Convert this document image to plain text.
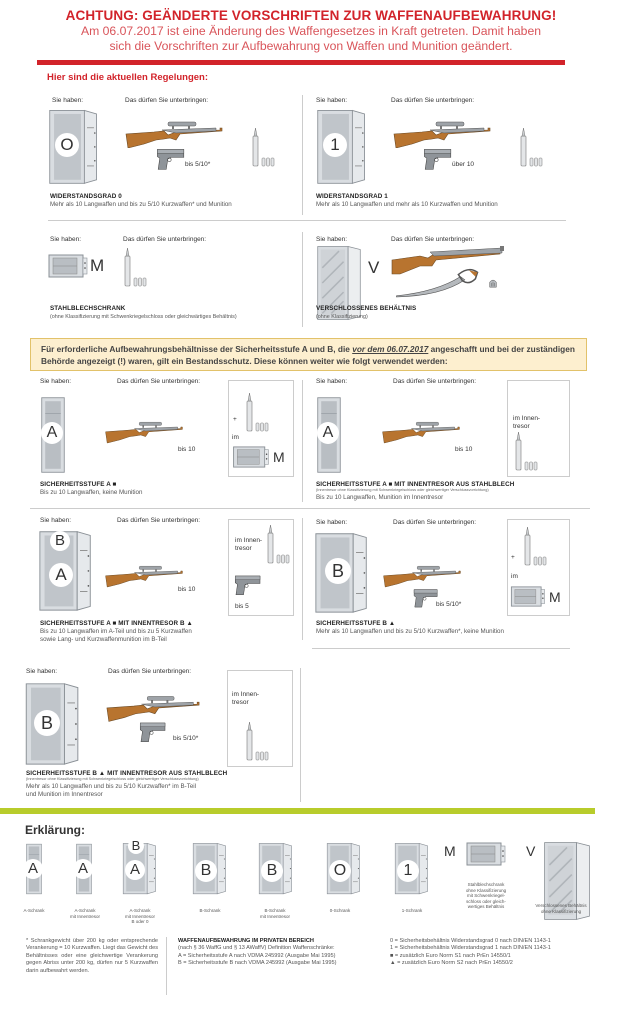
ACHTUNG: GEÄNDERTE VORSCHRIFTEN ZUR WAFFENAUFBEWAHRUNG!
Am 06.07.2017 ist eine Änderung des Waffengesetzes in Kraft getreten. Damit haben
sich die Vorschriften zur Aufbewahrung von Waffen und Munition geändert.
Hier sind die aktuellen Regelungen:
Sie haben:	Das dürfen Sie unterbringen:
O
bis 5/10*
WIDERSTANDSGRAD 0
Mehr als 10 Langwaffen und bis zu 5/10 Kurzwaffen* und Munition
Sie haben:	Das dürfen Sie unterbringen:
1
über 10
WIDERSTANDSGRAD 1
Mehr als 10 Langwaffen und mehr als 10 Kurzwaffen und Munition
Sie haben:	Das dürfen Sie unterbringen:
M
STAHLBLECHSCHRANK
(ohne Klassifizierung mit Schwenkriegelschloss oder gleichwärtiges Behältnis)
Sie haben:	Das dürfen Sie unterbringen:
V
VERSCHLOSSENES BEHÄLTNIS
(ohne Klassifizierung)
Für erforderliche Aufbewahrungsbehältnisse der Sicherheitsstufe A und B, die vor dem 06.07.2017 angeschafft und bei der zuständigen Behörde angezeigt (!) waren, gilt ein Bestandsschutz. Diese können weiter wie folgt verwendet werden:
Sie haben:	Das dürfen Sie unterbringen:
A
bis 10
+
im
M
SICHERHEITSSTUFE A ■
Bis zu 10 Langwaffen, keine Munition
Sie haben:	Das dürfen Sie unterbringen:
A
bis 10
im Innen-
tresor
SICHERHEITSSTUFE A ■ MIT INNENTRESOR AUS STAHLBLECH
(Innentresor ohne Klassifizierung mit Schwenkriegelschloss oder gleichwertiger Verschlussvorrichtung)
Bis zu 10 Langwaffen, Munition im Innentresor
Sie haben:	Das dürfen Sie unterbringen:
B
A
bis 10
im Innen-
tresor
bis 5
SICHERHEITSSTUFE A ■ MIT INNENTRESOR B ▲
Bis zu 10 Langwaffen im A-Teil und bis zu 5 Kurzwaffen
sowie Lang- und Kurzwaffenmunition im B-Teil
Sie haben:	Das dürfen Sie unterbringen:
B
bis 5/10*
+
im
M
SICHERHEITSSTUFE B ▲
Mehr als 10 Langwaffen und bis zu 5/10 Kurzwaffen*, keine Munition
Sie haben:	Das dürfen Sie unterbringen:
B
bis 5/10*
im Innen-
tresor
SICHERHEITSSTUFE B ▲ MIT INNENTRESOR AUS STAHLBLECH
(Innentresor ohne Klassifizierung mit Schwenkriegelschloss oder gleichwertiger Verschlussvorrichtung)
Mehr als 10 Langwaffen und bis zu 5/10 Kurzwaffen* im B-Teil
und Munition im Innentresor
Erklärung:
A
A-Schrank
A
A-Schrank
mit Innentresor
B
A
A-Schrank
mit Innentresor
B oder 0
B
B-Schrank
B
B-Schrank
mit Innentresor
O
0-Schrank
1
1-Schrank
M
Stahlblechschrank
ohne Klassifizierung
mit Schwenkriegel-
schloss oder gleich-
wertiges Behältnis
V
Verschlossenes Behältnis
ohne Klassifizierung
* Schrankgewicht über 200 kg oder entsprechende Verankerung = 10 Kurzwaffen. Liegt das Gewicht des Behältnisses oder eine gleichwertige Verankerung gegen Abriss unter 200 kg, dürfen nur 5 Kurzwaffen darin aufbewahrt werden.
WAFFENAUFBEWAHRUNG IM PRIVATEN BEREICH
(nach § 36 WaffG und § 13 AWaffV) Definition Waffenschränke:
A = Sicherheitsstufe A nach VDMA 245992 (Ausgabe Mai 1995)
B = Sicherheitsstufe B nach VDMA 245992 (Ausgabe Mai 1995)
0 = Sicherheitsbehältnis Widerstandsgrad 0 nach DIN/EN 1143-1
1 = Sicherheitsbehältnis Widerstandsgrad 1 nach DIN/EN 1143-1
■ = zusätzlich Euro Norm S1 nach PrEn 14550/1
▲ = zusätzlich Euro Norm S2 nach PrEn 14550/2
